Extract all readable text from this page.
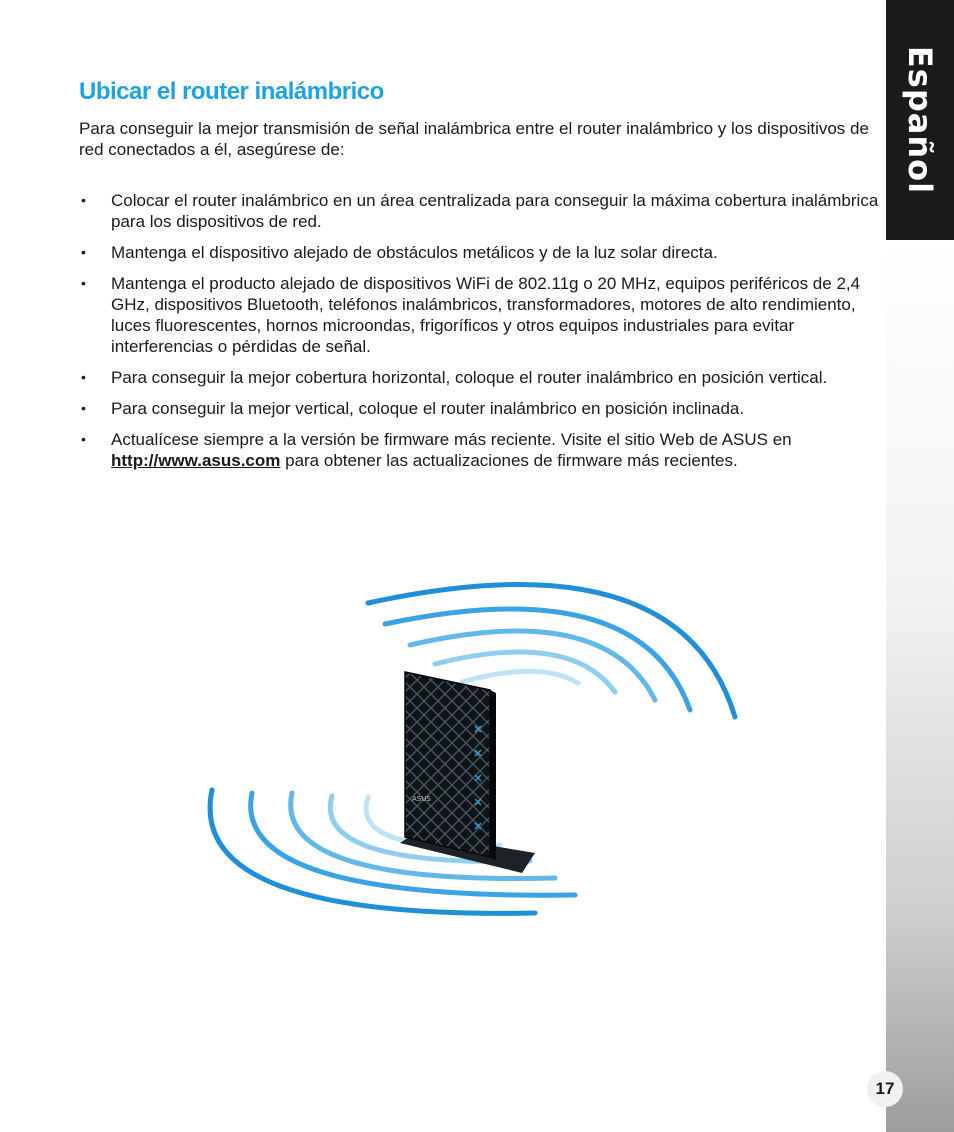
Español
Ubicar el router inalámbrico

Para conseguir la mejor transmisión de señal inalámbrica entre el router inalámbrico y los dispositivos de red conectados a él, asegúrese de:

• Colocar el router inalámbrico en un área centralizada para conseguir la máxima cobertura inalámbrica para los dispositivos de red.
• Mantenga el dispositivo alejado de obstáculos metálicos y de la luz solar directa.
• Mantenga el producto alejado de dispositivos WiFi de 802.11g o 20 MHz, equipos periféricos de 2,4 GHz, dispositivos Bluetooth, teléfonos inalámbricos, transformadores, motores de alto rendimiento, luces fluorescentes, hornos microondas, frigoríficos y otros equipos industriales para evitar interferencias o pérdidas de señal.
• Para conseguir la mejor cobertura horizontal, coloque el router inalámbrico en posición vertical.
• Para conseguir la mejor vertical, coloque el router inalámbrico en posición inclinada.
• Actualícese siempre a la versión be firmware más reciente. Visite el sitio Web de ASUS en http://www.asus.com para obtener las actualizaciones de firmware más recientes.
ASUS
17
